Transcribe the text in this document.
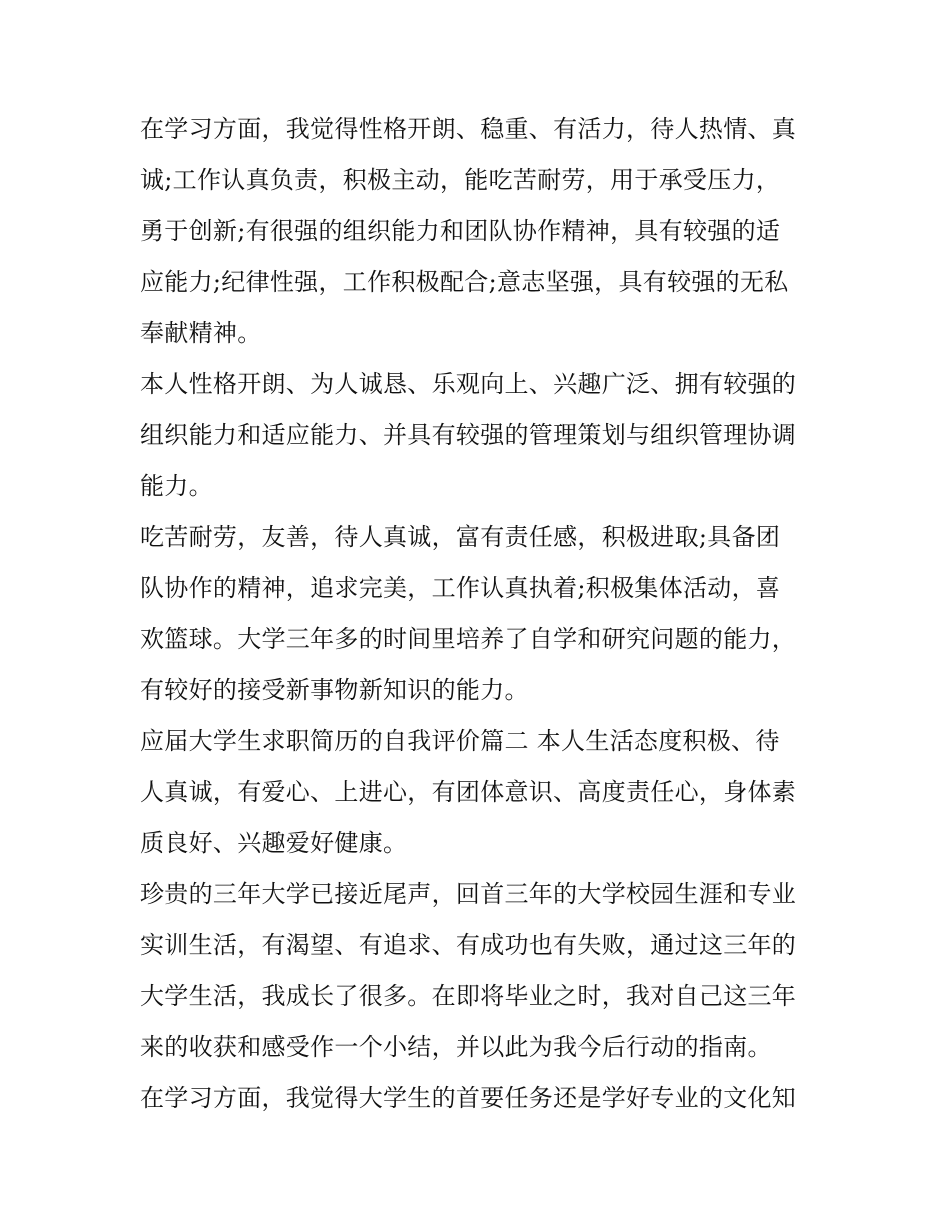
在学习方面，我觉得性格开朗、稳重、有活力，待人热情、真
诚;工作认真负责，积极主动，能吃苦耐劳，用于承受压力，
勇于创新;有很强的组织能力和团队协作精神，具有较强的适
应能力;纪律性强，工作积极配合;意志坚强，具有较强的无私
奉献精神。
本人性格开朗、为人诚恳、乐观向上、兴趣广泛、拥有较强的
组织能力和适应能力、并具有较强的管理策划与组织管理协调
能力。
吃苦耐劳，友善，待人真诚，富有责任感，积极进取;具备团
队协作的精神，追求完美，工作认真执着;积极集体活动，喜
欢篮球。大学三年多的时间里培养了自学和研究问题的能力，
有较好的接受新事物新知识的能力。
应届大学生求职简历的自我评价篇二 本人生活态度积极、待
人真诚，有爱心、上进心，有团体意识、高度责任心，身体素
质良好、兴趣爱好健康。
珍贵的三年大学已接近尾声，回首三年的大学校园生涯和专业
实训生活，有渴望、有追求、有成功也有失败，通过这三年的
大学生活，我成长了很多。在即将毕业之时，我对自己这三年
来的收获和感受作一个小结，并以此为我今后行动的指南。
在学习方面，我觉得大学生的首要任务还是学好专业的文化知
